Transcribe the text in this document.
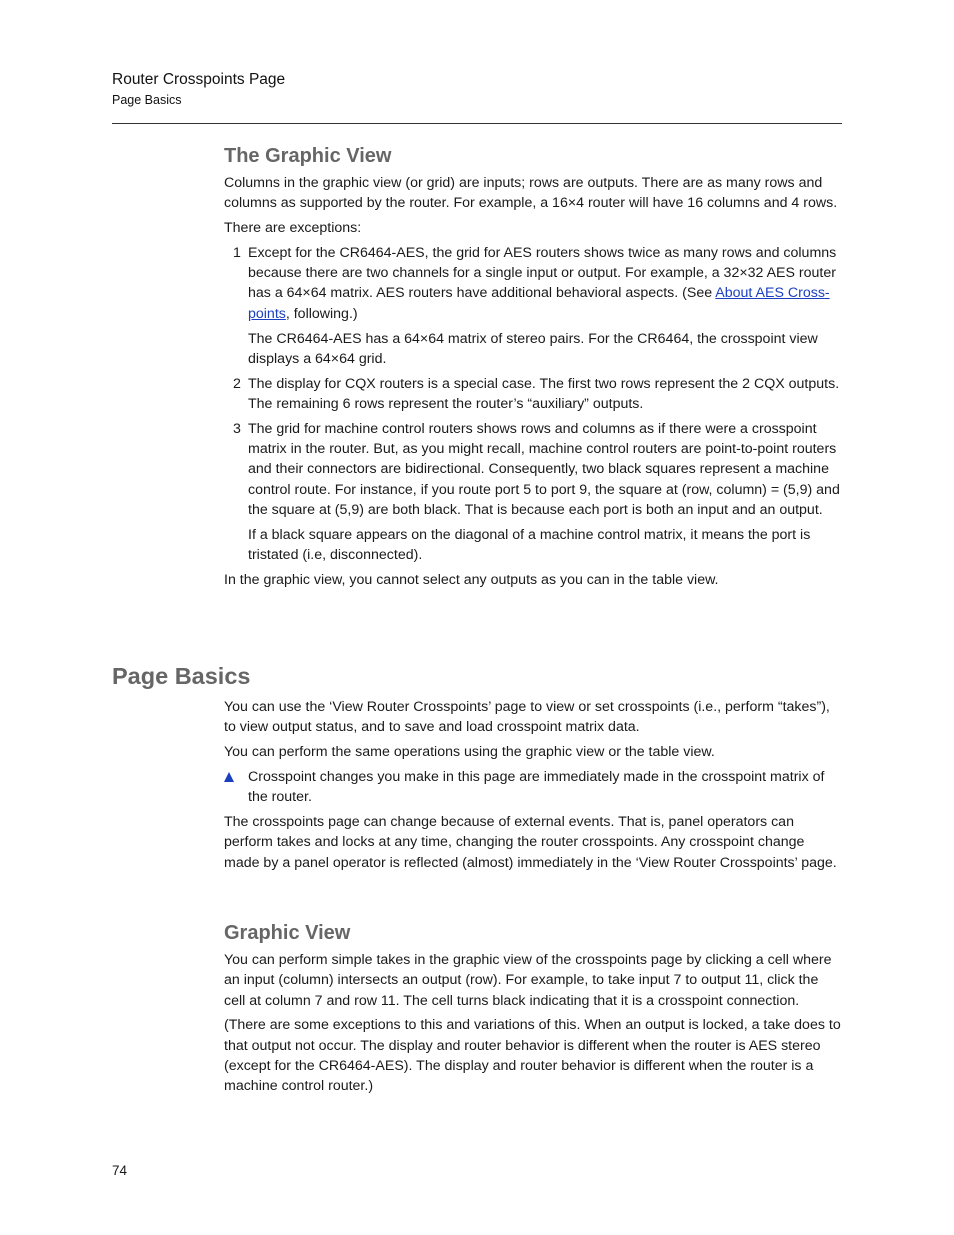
Router Crosspoints Page
Page Basics
The Graphic View

Columns in the graphic view (or grid) are inputs; rows are outputs. There are as many rows and columns as supported by the router. For example, a 16×4 router will have 16 columns and 4 rows.

There are exceptions:

1 Except for the CR6464-AES, the grid for AES routers shows twice as many rows and columns because there are two channels for a single input or output. For example, a 32×32 AES router has a 64×64 matrix. AES routers have additional behavioral aspects. (See About AES Crosspoints, following.)

The CR6464-AES has a 64×64 matrix of stereo pairs. For the CR6464, the crosspoint view displays a 64×64 grid.

2 The display for CQX routers is a special case. The first two rows represent the 2 CQX outputs. The remaining 6 rows represent the router’s “auxiliary” outputs.

3 The grid for machine control routers shows rows and columns as if there were a crosspoint matrix in the router. But, as you might recall, machine control routers are point-to-point routers and their connectors are bidirectional. Consequently, two black squares represent a machine control route. For instance, if you route port 5 to port 9, the square at (row, column) = (5,9) and the square at (5,9) are both black. That is because each port is both an input and an output.

If a black square appears on the diagonal of a machine control matrix, it means the port is tristated (i.e, disconnected).

In the graphic view, you cannot select any outputs as you can in the table view.

Page Basics

You can use the ‘View Router Crosspoints’ page to view or set crosspoints (i.e., perform “takes”), to view output status, and to save and load crosspoint matrix data.

You can perform the same operations using the graphic view or the table view.

Crosspoint changes you make in this page are immediately made in the crosspoint matrix of the router.

The crosspoints page can change because of external events. That is, panel operators can perform takes and locks at any time, changing the router crosspoints. Any crosspoint change made by a panel operator is reflected (almost) immediately in the ‘View Router Crosspoints’ page.

Graphic View

You can perform simple takes in the graphic view of the crosspoints page by clicking a cell where an input (column) intersects an output (row). For example, to take input 7 to output 11, click the cell at column 7 and row 11. The cell turns black indicating that it is a crosspoint connection.

(There are some exceptions to this and variations of this. When an output is locked, a take does to that output not occur. The display and router behavior is different when the router is AES stereo (except for the CR6464-AES). The display and router behavior is different when the router is a machine control router.)

74
